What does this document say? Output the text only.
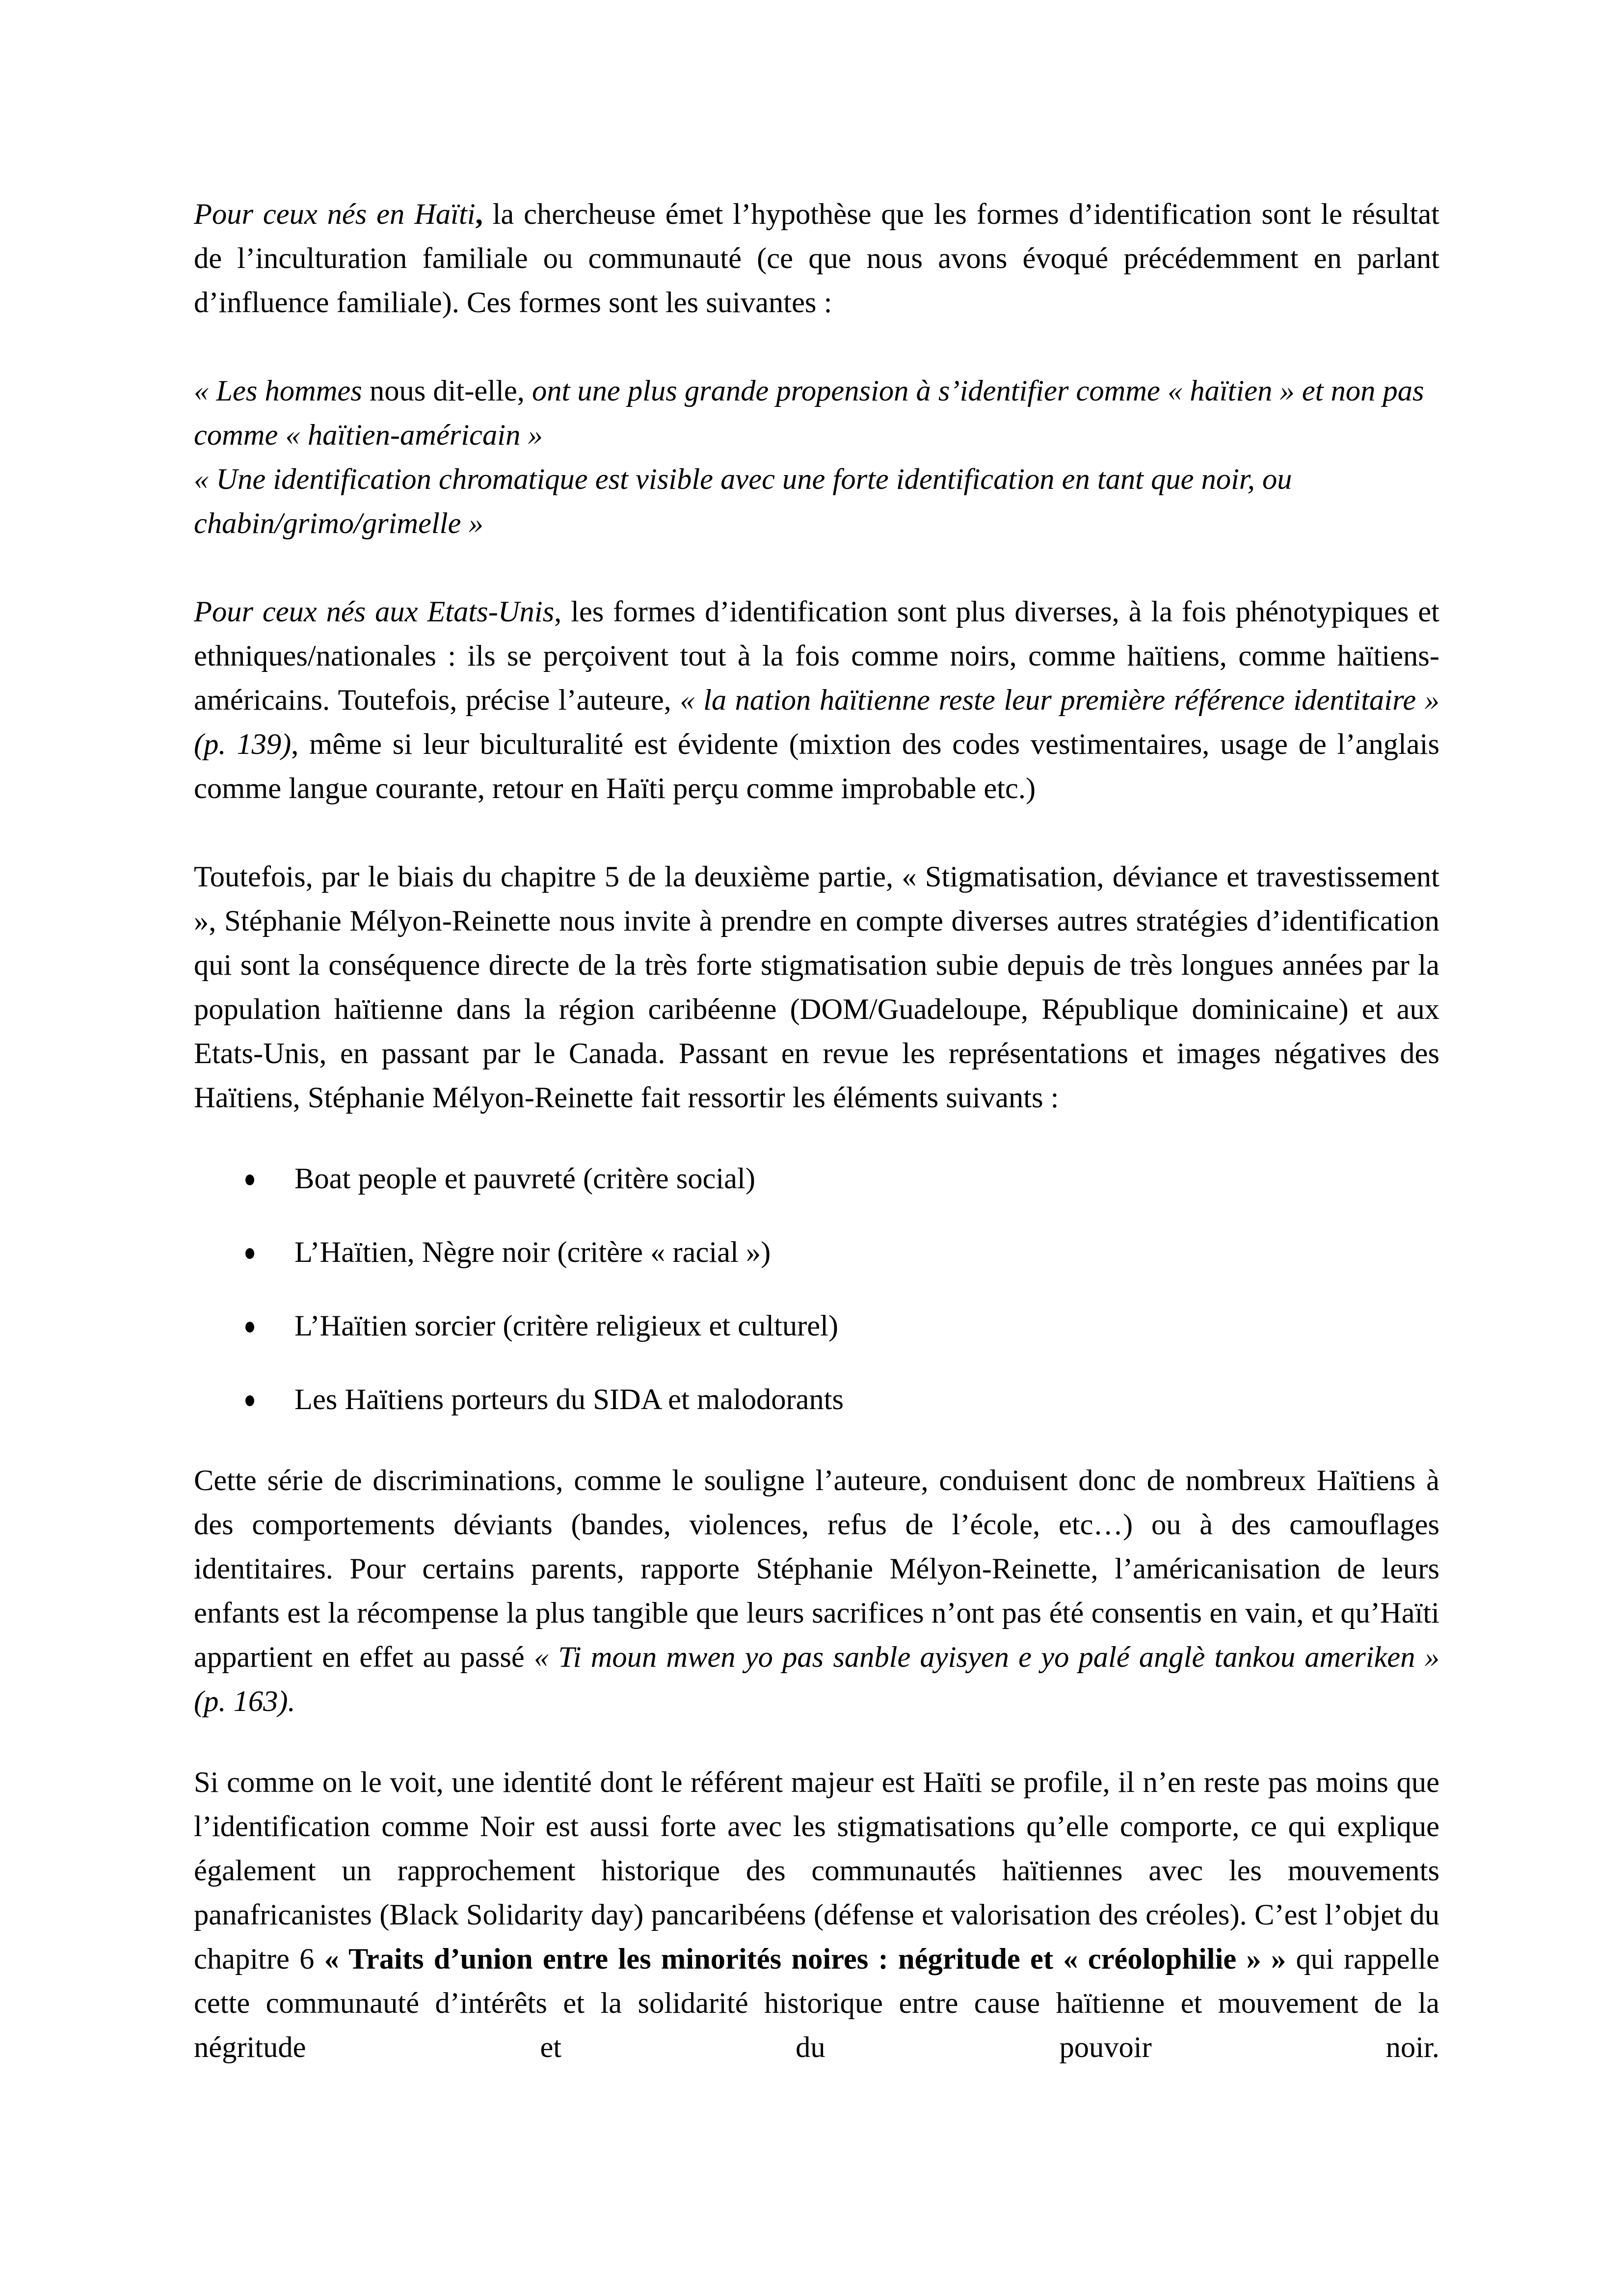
Pour ceux nés en Haïti, la chercheuse émet l’hypothèse que les formes d’identification sont le résultat de l’inculturation familiale ou communauté (ce que nous avons évoqué précédemment en parlant d’influence familiale). Ces formes sont les suivantes :

« Les hommes nous dit-elle, ont une plus grande propension à s’identifier comme « haïtien » et non pas comme « haïtien-américain »

« Une identification chromatique est visible avec une forte identification en tant que noir, ou chabin/grimo/grimelle »

Pour ceux nés aux Etats-Unis, les formes d’identification sont plus diverses, à la fois phénotypiques et ethniques/nationales : ils se perçoivent tout à la fois comme noirs, comme haïtiens, comme haïtiens-américains. Toutefois, précise l’auteure, « la nation haïtienne reste leur première référence identitaire » (p. 139), même si leur biculturalité est évidente (mixtion des codes vestimentaires, usage de l’anglais comme langue courante, retour en Haïti perçu comme improbable etc.)

Toutefois, par le biais du chapitre 5 de la deuxième partie, « Stigmatisation, déviance et travestissement », Stéphanie Mélyon-Reinette nous invite à prendre en compte diverses autres stratégies d’identification qui sont la conséquence directe de la très forte stigmatisation subie depuis de très longues années par la population haïtienne dans la région caribéenne (DOM/Guadeloupe, République dominicaine) et aux Etats-Unis, en passant par le Canada. Passant en revue les représentations et images négatives des Haïtiens, Stéphanie Mélyon-Reinette fait ressortir les éléments suivants :

Boat people et pauvreté (critère social)
L’Haïtien, Nègre noir (critère « racial »)
L’Haïtien sorcier (critère religieux et culturel)
Les Haïtiens porteurs du SIDA et malodorants

Cette série de discriminations, comme le souligne l’auteure, conduisent donc de nombreux Haïtiens à des comportements déviants (bandes, violences, refus de l’école, etc…) ou à des camouflages identitaires. Pour certains parents, rapporte Stéphanie Mélyon-Reinette, l’américanisation de leurs enfants est la récompense la plus tangible que leurs sacrifices n’ont pas été consentis en vain, et qu’Haïti appartient en effet au passé « Ti moun mwen yo pas sanble ayisyen e yo palé anglè tankou ameriken » (p. 163).

Si comme on le voit, une identité dont le référent majeur est Haïti se profile, il n’en reste pas moins que l’identification comme Noir est aussi forte avec les stigmatisations qu’elle comporte, ce qui explique également un rapprochement historique des communautés haïtiennes avec les mouvements panafricanistes (Black Solidarity day) pancaribéens (défense et valorisation des créoles). C’est l’objet du chapitre 6 « Traits d’union entre les minorités noires : négritude et « créolophilie » » qui rappelle cette communauté d’intérêts et la solidarité historique entre cause haïtienne et mouvement de la négritude et du pouvoir noir.
